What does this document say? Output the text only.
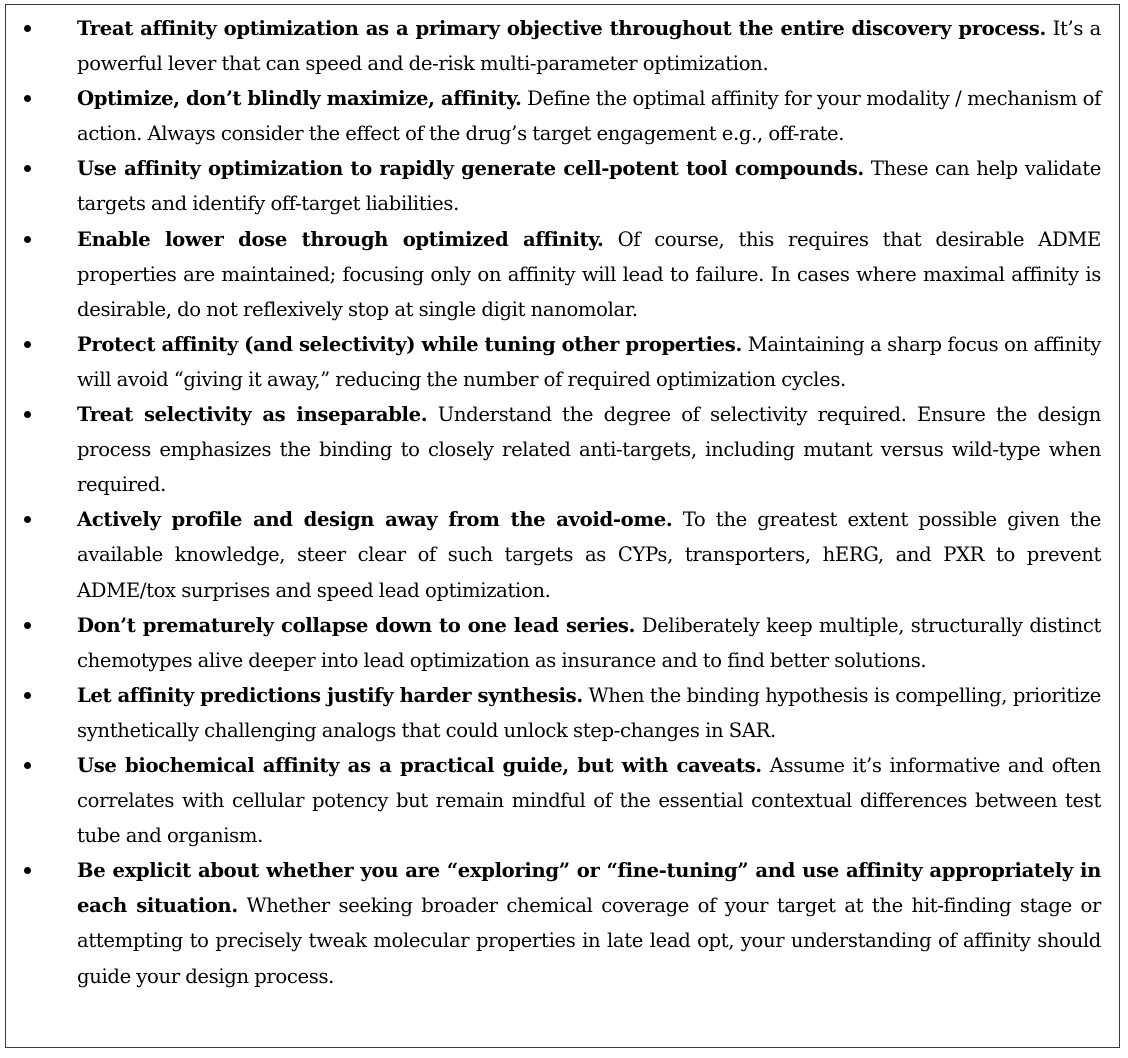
Treat affinity optimization as a primary objective throughout the entire discovery process. It’s a powerful lever that can speed and de-risk multi-parameter optimization.
Optimize, don’t blindly maximize, affinity. Define the optimal affinity for your modality / mechanism of action. Always consider the effect of the drug’s target engagement e.g., off-rate.
Use affinity optimization to rapidly generate cell-potent tool compounds. These can help validate targets and identify off-target liabilities.
Enable lower dose through optimized affinity. Of course, this requires that desirable ADME properties are maintained; focusing only on affinity will lead to failure. In cases where maximal affinity is desirable, do not reflexively stop at single digit nanomolar.
Protect affinity (and selectivity) while tuning other properties. Maintaining a sharp focus on affinity will avoid “giving it away,” reducing the number of required optimization cycles.
Treat selectivity as inseparable. Understand the degree of selectivity required. Ensure the design process emphasizes the binding to closely related anti-targets, including mutant versus wild-type when required.
Actively profile and design away from the avoid-ome. To the greatest extent possible given the available knowledge, steer clear of such targets as CYPs, transporters, hERG, and PXR to prevent ADME/tox surprises and speed lead optimization.
Don’t prematurely collapse down to one lead series. Deliberately keep multiple, structurally distinct chemotypes alive deeper into lead optimization as insurance and to find better solutions.
Let affinity predictions justify harder synthesis. When the binding hypothesis is compelling, prioritize synthetically challenging analogs that could unlock step-changes in SAR.
Use biochemical affinity as a practical guide, but with caveats. Assume it’s informative and often correlates with cellular potency but remain mindful of the essential contextual differences between test tube and organism.
Be explicit about whether you are “exploring” or “fine-tuning” and use affinity appropriately in each situation. Whether seeking broader chemical coverage of your target at the hit-finding stage or attempting to precisely tweak molecular properties in late lead opt, your understanding of affinity should guide your design process.
